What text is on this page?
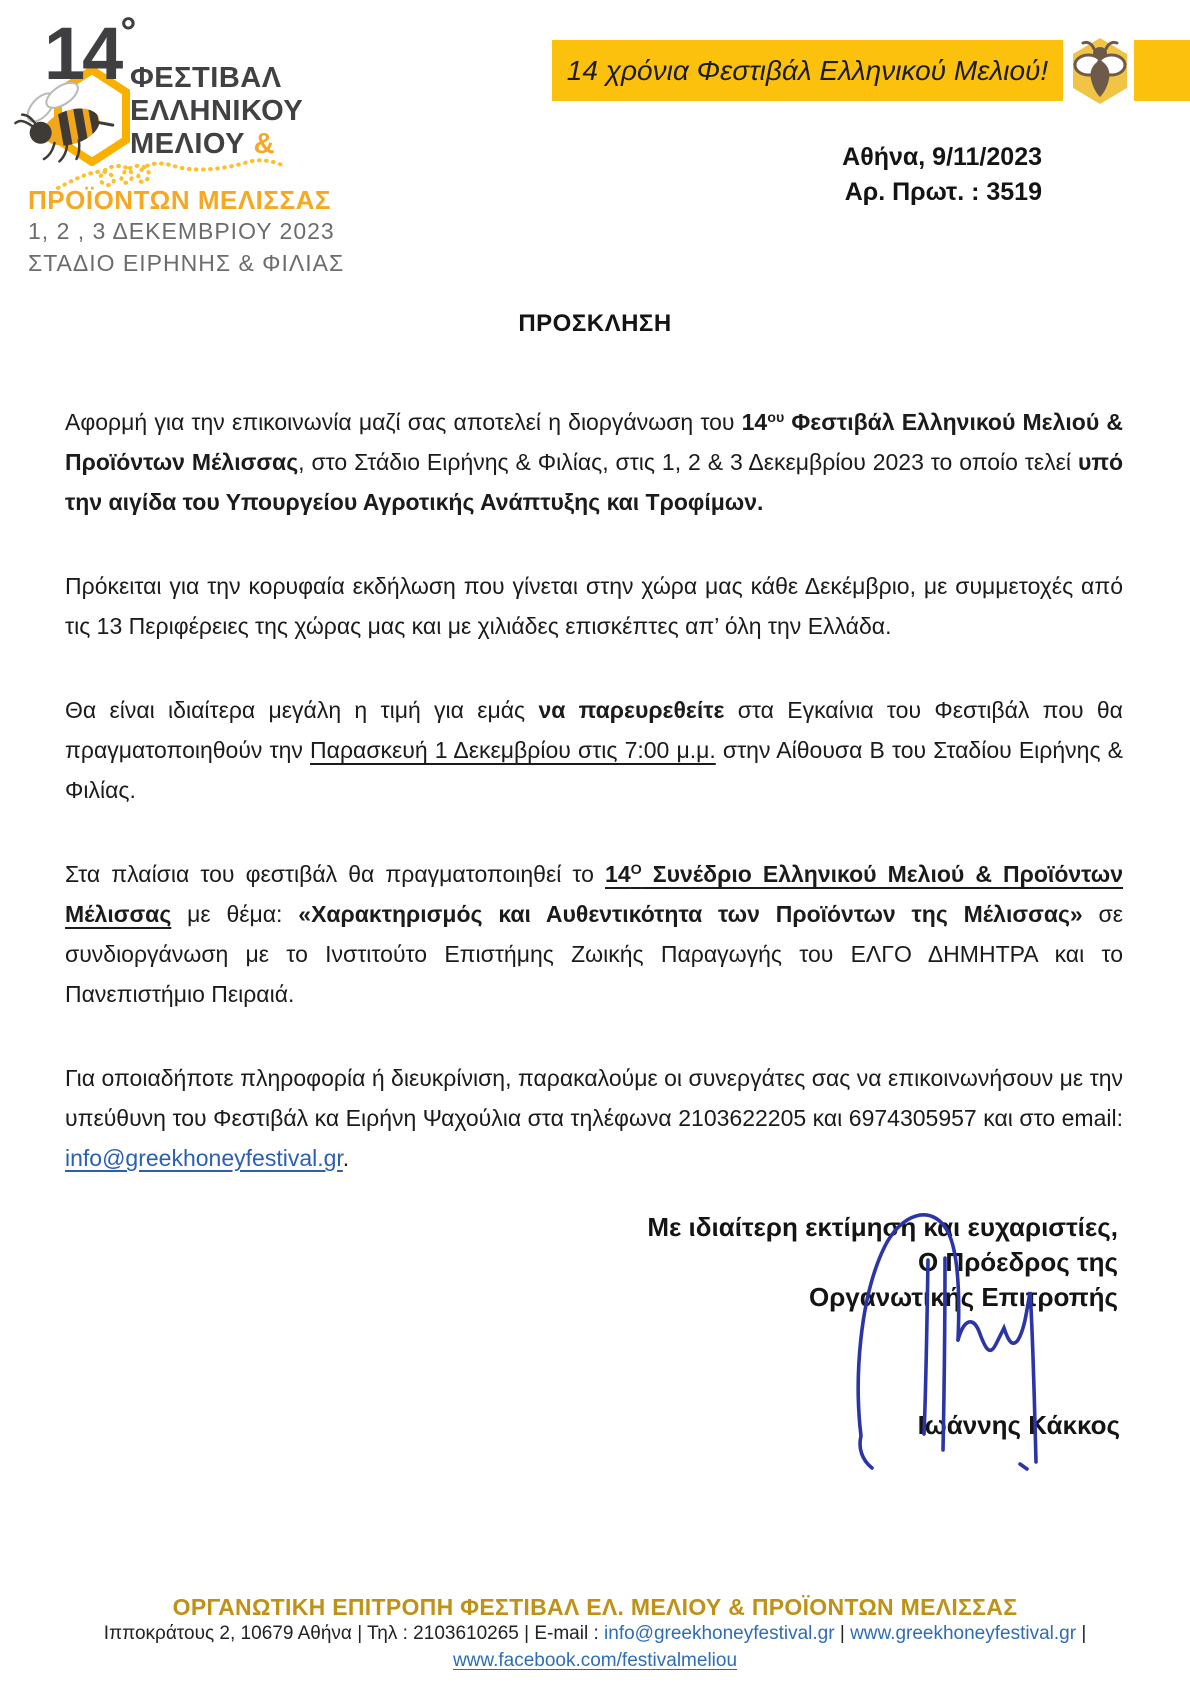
14°
ΦΕΣΤΙΒΑΛ
ΕΛΛΗΝΙΚΟΥ
ΜΕΛΙΟΥ &
ΠΡΟΪΟΝΤΩΝ ΜΕΛΙΣΣΑΣ
1, 2 , 3 ΔΕΚΕΜΒΡΙΟΥ 2023
ΣΤΑΔΙΟ ΕΙΡΗΝΗΣ & ΦΙΛΙΑΣ
14 χρόνια Φεστιβάλ Ελληνικού Μελιού!
Αθήνα, 9/11/2023
Αρ. Πρωτ. : 3519
ΠΡΟΣΚΛΗΣΗ

Αφορμή για την επικοινωνία μαζί σας αποτελεί η διοργάνωση του $14^{o\upsilon}$ Φεστιβάλ Ελληνικού Μελιού & Προϊόντων Μέλισσας, στο Στάδιο Ειρήνης & Φιλίας, στις 1, 2 & 3 Δεκεμβρίου 2023 το οποίο τελεί υπό την αιγίδα του Υπουργείου Αγροτικής Ανάπτυξης και Τροφίμων.

Πρόκειται για την κορυφαία εκδήλωση που γίνεται στην χώρα μας κάθε Δεκέμβριο, με συμμετοχές από τις 13 Περιφέρειες της χώρας μας και με χιλιάδες επισκέπτες απ’ όλη την Ελλάδα.

Θα είναι ιδιαίτερα μεγάλη η τιμή για εμάς να παρευρεθείτε στα Εγκαίνια του Φεστιβάλ που θα πραγματοποιηθούν την Παρασκευή 1 Δεκεμβρίου στις 7:00 μ.μ. στην Αίθουσα Β του Σταδίου Ειρήνης & Φιλίας.

Στα πλαίσια του φεστιβάλ θα πραγματοποιηθεί το $14^O$ Συνέδριο Ελληνικού Μελιού & Προϊόντων Μέλισσας με θέμα: «Χαρακτηρισμός και Αυθεντικότητα των Προϊόντων της Μέλισσας» σε συνδιοργάνωση με το Ινστιτούτο Επιστήμης Ζωικής Παραγωγής του ΕΛΓΟ ΔΗΜΗΤΡΑ και το Πανεπιστήμιο Πειραιά.

Για οποιαδήποτε πληροφορία ή διευκρίνιση, παρακαλούμε οι συνεργάτες σας να επικοινωνήσουν με την υπεύθυνη του Φεστιβάλ κα Ειρήνη Ψαχούλια στα τηλέφωνα 2103622205 και 6974305957 και στο email: info@greekhoneyfestival.gr.

Με ιδιαίτερη εκτίμηση και ευχαριστίες,
Ο Πρόεδρος της
Οργανωτικής Επιτροπής
Ιωάννης Κάκκος
ΟΡΓΑΝΩΤΙΚΗ ΕΠΙΤΡΟΠΗ ΦΕΣΤΙΒΑΛ ΕΛ. ΜΕΛΙΟΥ & ΠΡΟΪΟΝΤΩΝ ΜΕΛΙΣΣΑΣ
Ιπποκράτους 2, 10679 Αθήνα | Τηλ : 2103610265 | E-mail : info@greekhoneyfestival.gr | www.greekhoneyfestival.gr |
www.facebook.com/festivalmeliou
